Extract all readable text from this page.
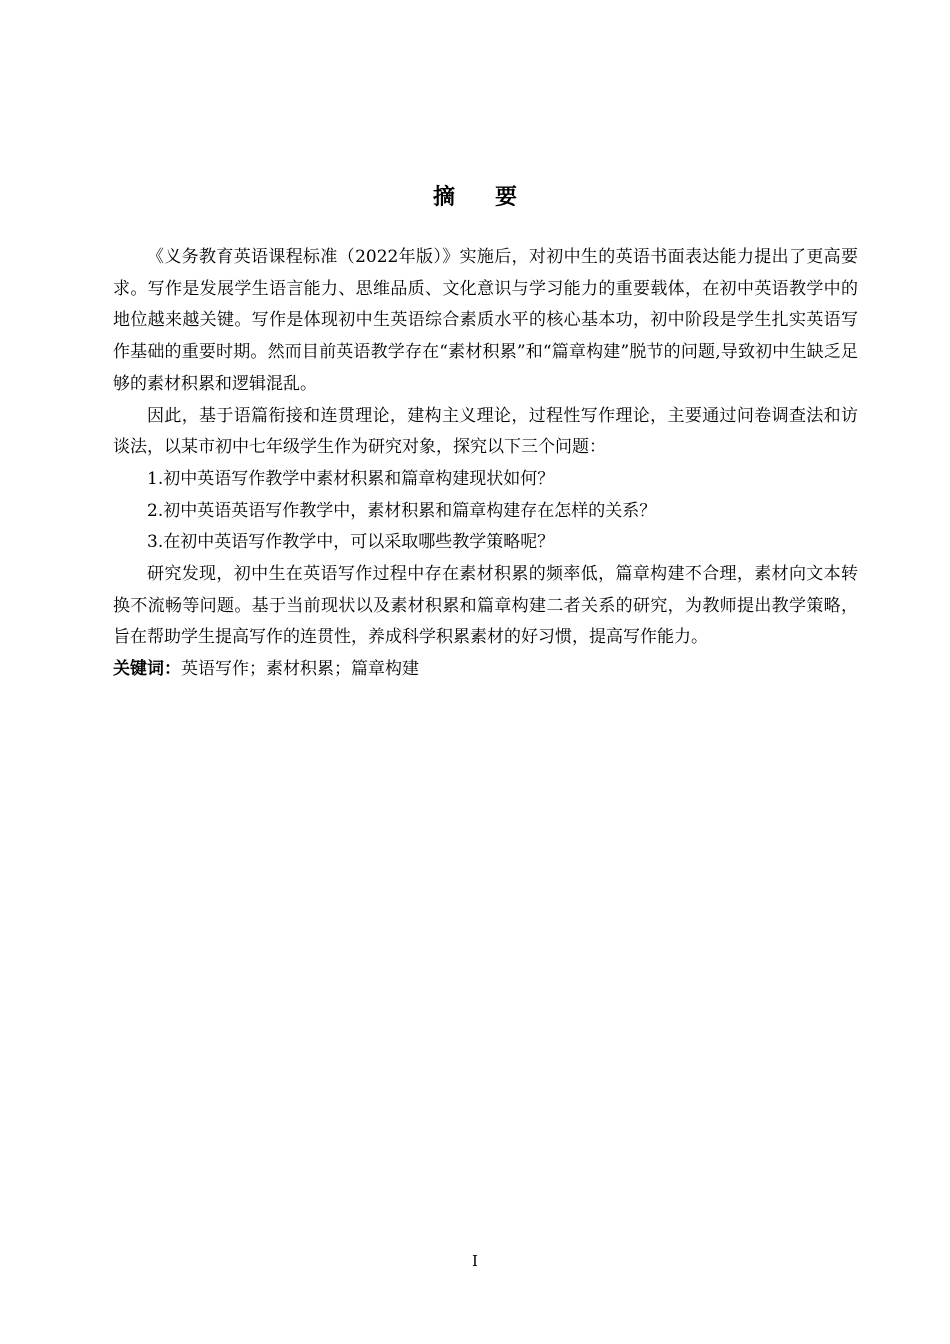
摘 要

《义务教育英语课程标准（2022年版）》实施后，对初中生的英语书面表达能力提出了更高要求。写作是发展学生语言能力、思维品质、文化意识与学习能力的重要载体，在初中英语教学中的地位越来越关键。写作是体现初中生英语综合素质水平的核心基本功，初中阶段是学生扎实英语写作基础的重要时期。然而目前英语教学存在“素材积累”和“篇章构建”脱节的问题,导致初中生缺乏足够的素材积累和逻辑混乱。

因此，基于语篇衔接和连贯理论，建构主义理论，过程性写作理论，主要通过问卷调查法和访谈法，以某市初中七年级学生作为研究对象，探究以下三个问题：

1.初中英语写作教学中素材积累和篇章构建现状如何？

2.初中英语英语写作教学中，素材积累和篇章构建存在怎样的关系？

3.在初中英语写作教学中，可以采取哪些教学策略呢？

研究发现，初中生在英语写作过程中存在素材积累的频率低，篇章构建不合理，素材向文本转换不流畅等问题。基于当前现状以及素材积累和篇章构建二者关系的研究，为教师提出教学策略，旨在帮助学生提高写作的连贯性，养成科学积累素材的好习惯，提高写作能力。

关键词：英语写作；素材积累；篇章构建

I
